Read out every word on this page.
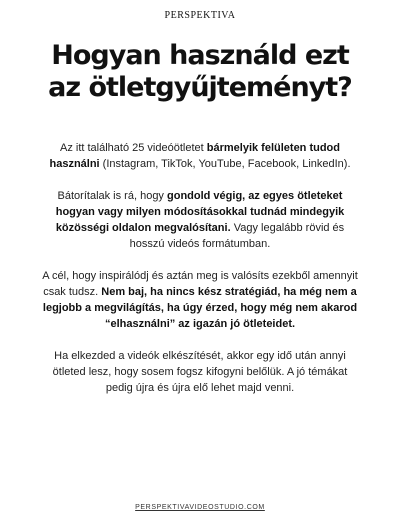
PERSPEKTIVA
Hogyan használd ezt
az ötletgyűjteményt?

Az itt található 25 videóötletet bármelyik felületen tudod használni (Instagram, TikTok, YouTube, Facebook, LinkedIn).

Bátorítalak is rá, hogy gondold végig, az egyes ötleteket hogyan vagy milyen módosításokkal tudnád mindegyik közösségi oldalon megvalósítani. Vagy legalább rövid és hosszú videós formátumban.

A cél, hogy inspirálódj és aztán meg is valósíts ezekből amennyit csak tudsz. Nem baj, ha nincs kész stratégiád, ha még nem a legjobb a megvilágítás, ha úgy érzed, hogy még nem akarod “elhasználni” az igazán jó ötleteidet.

Ha elkezded a videók elkészítését, akkor egy idő után annyi ötleted lesz, hogy sosem fogsz kifogyni belőlük. A jó témákat pedig újra és újra elő lehet majd venni.

PERSPEKTIVAVIDEOSTUDIO.COM
